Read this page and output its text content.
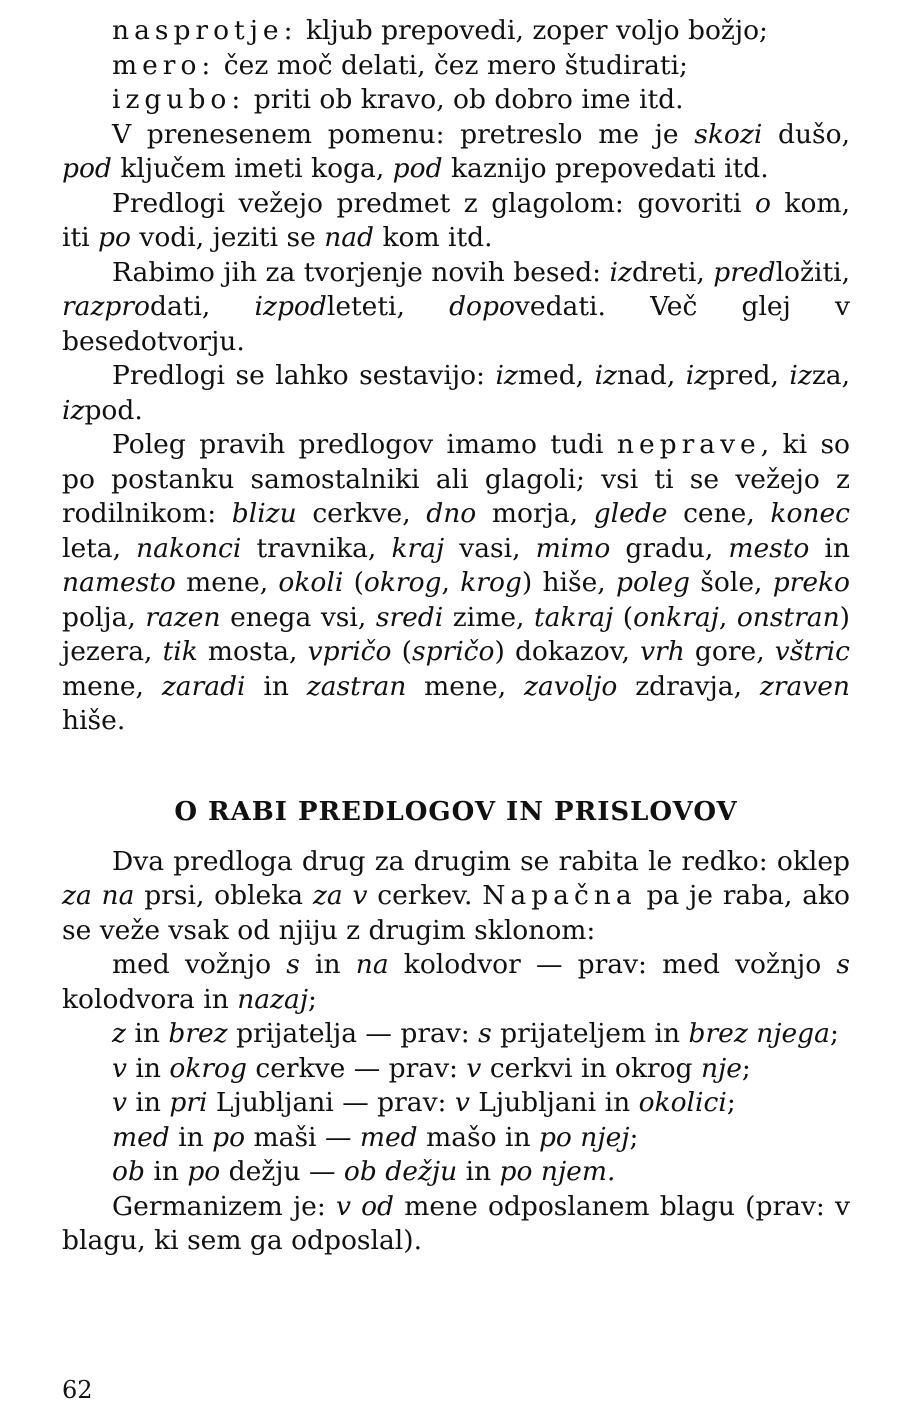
nasprotje: kljub prepovedi, zoper voljo božjo;
mero: čez moč delati, čez mero študirati;
izgubo: priti ob kravo, ob dobro ime itd.

V prenesenem pomenu: pretreslo me je skozi dušo, pod ključem imeti koga, pod kaznijo prepovedati itd.

Predlogi vežejo predmet z glagolom: govoriti o kom, iti po vodi, jeziti se nad kom itd.

Rabimo jih za tvorjenje novih besed: izdreti, predložiti, razprodati, izpodleteti, dopovedati. Več glej v besedotvorju.

Predlogi se lahko sestavijo: izmed, iznad, izpred, izza, izpod.

Poleg pravih predlogov imamo tudi neprave, ki so po postanku samostalniki ali glagoli; vsi ti se vežejo z rodilnikom: blizu cerkve, dno morja, glede cene, konec leta, nakonci travnika, kraj vasi, mimo gradu, mesto in namesto mene, okoli (okrog, krog) hiše, poleg šole, preko polja, razen enega vsi, sredi zime, takraj (onkraj, onstran) jezera, tik mosta, vpričo (spričo) dokazov, vrh gore, vštric mene, zaradi in zastran mene, zavoljo zdravja, zraven hiše.

O RABI PREDLOGOV IN PRISLOVOV

Dva predloga drug za drugim se rabita le redko: oklep za na prsi, obleka za v cerkev. Napačna pa je raba, ako se veže vsak od njiju z drugim sklonom:

med vožnjo s in na kolodvor — prav: med vožnjo s kolodvora in nazaj;

z in brez prijatelja — prav: s prijateljem in brez njega;

v in okrog cerkve — prav: v cerkvi in okrog nje;

v in pri Ljubljani — prav: v Ljubljani in okolici;

med in po maši — med mašo in po njej;

ob in po dežju — ob dežju in po njem.

Germanizem je: v od mene odposlanem blagu (prav: v blagu, ki sem ga odposlal).

62
